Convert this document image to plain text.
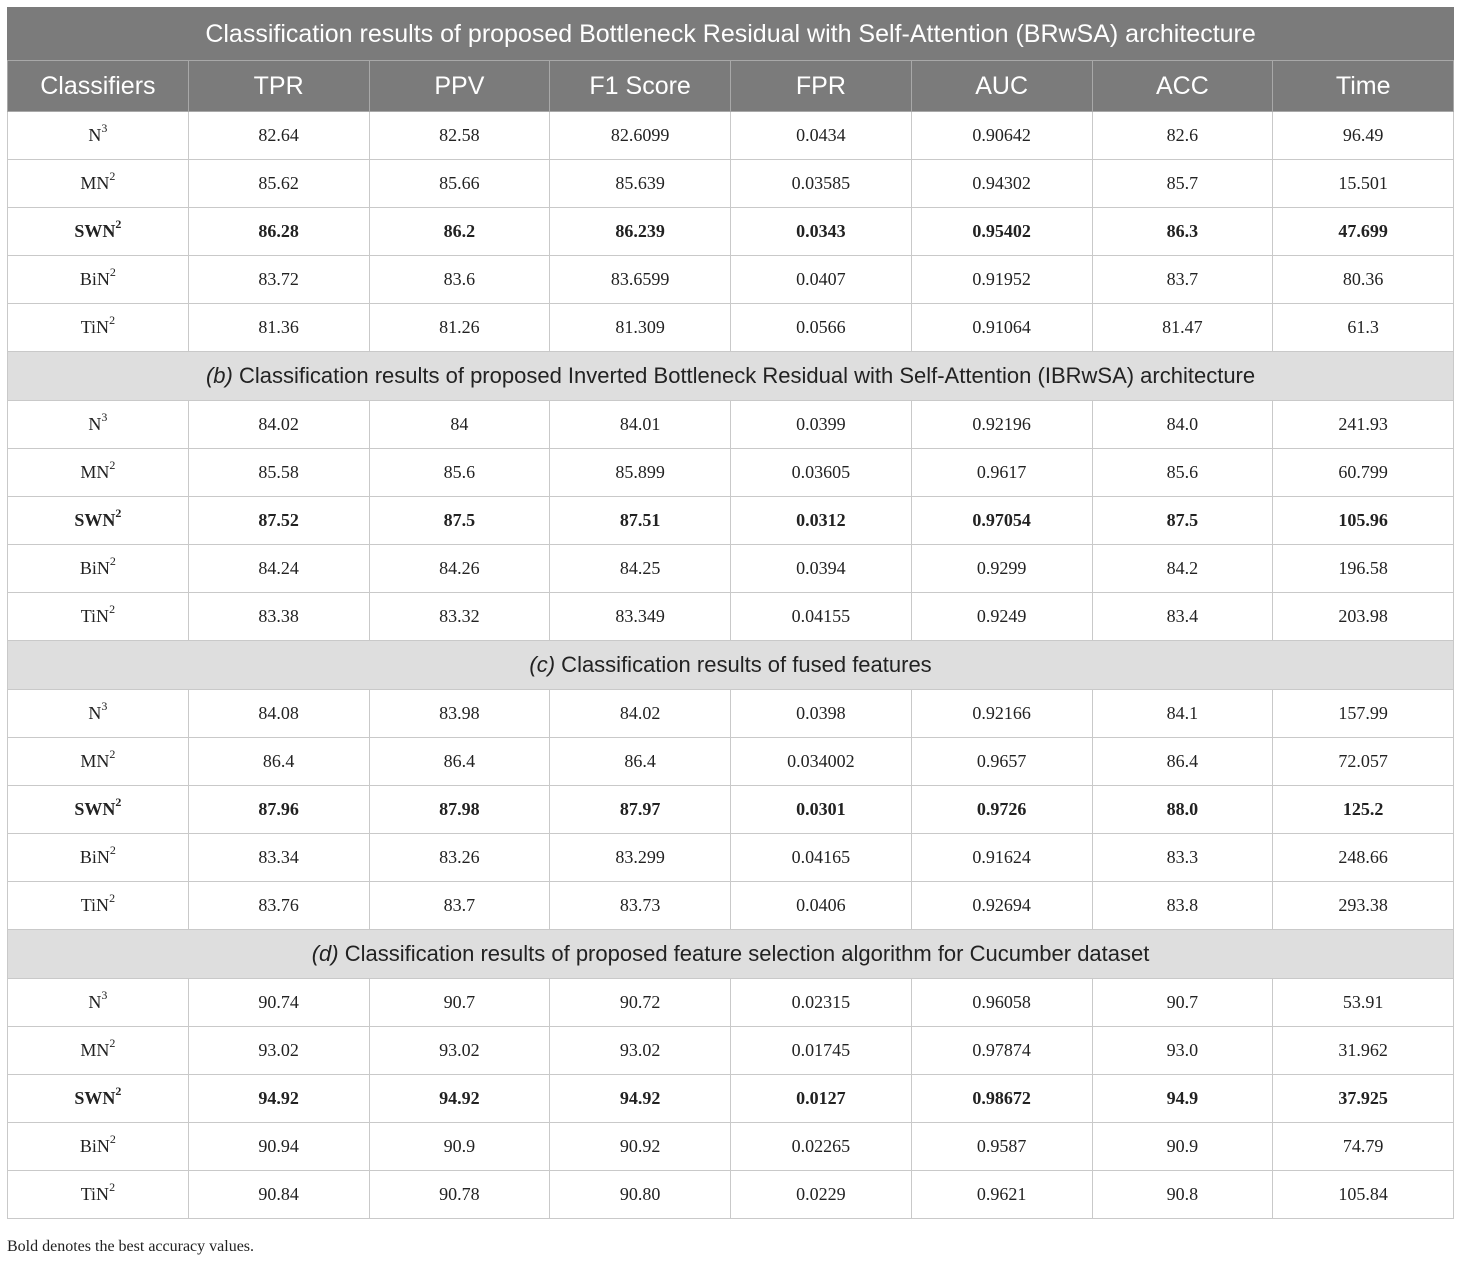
Classification results of proposed Bottleneck Residual with Self-Attention (BRwSA) architecture							
Classifiers	TPR	PPV	F1 Score	FPR	AUC	ACC	Time
$N^3$	82.64	82.58	82.6099	0.0434	0.90642	82.6	96.49
$MN^2$	85.62	85.66	85.639	0.03585	0.94302	85.7	15.501
SWN$^2$	86.28	86.2	86.239	0.0343	0.95402	86.3	47.699
BiN$^2$	83.72	83.6	83.6599	0.0407	0.91952	83.7	80.36
TiN$^2$	81.36	81.26	81.309	0.0566	0.91064	81.47	61.3
(b) Classification results of proposed Inverted Bottleneck Residual with Self-Attention (IBRwSA) architecture							
$N^3$	84.02	84	84.01	0.0399	0.92196	84.0	241.93
$MN^2$	85.58	85.6	85.899	0.03605	0.9617	85.6	60.799
SWN$^2$	87.52	87.5	87.51	0.0312	0.97054	87.5	105.96
BiN$^2$	84.24	84.26	84.25	0.0394	0.9299	84.2	196.58
TiN$^2$	83.38	83.32	83.349	0.04155	0.9249	83.4	203.98
(c) Classification results of fused features							
$N^3$	84.08	83.98	84.02	0.0398	0.92166	84.1	157.99
$MN^2$	86.4	86.4	86.4	0.034002	0.9657	86.4	72.057
SWN$^2$	87.96	87.98	87.97	0.0301	0.9726	88.0	125.2
BiN$^2$	83.34	83.26	83.299	0.04165	0.91624	83.3	248.66
TiN$^2$	83.76	83.7	83.73	0.0406	0.92694	83.8	293.38
(d) Classification results of proposed feature selection algorithm for Cucumber dataset							
$N^3$	90.74	90.7	90.72	0.02315	0.96058	90.7	53.91
$MN^2$	93.02	93.02	93.02	0.01745	0.97874	93.0	31.962
SWN$^2$	94.92	94.92	94.92	0.0127	0.98672	94.9	37.925
BiN$^2$	90.94	90.9	90.92	0.02265	0.9587	90.9	74.79
TiN$^2$	90.84	90.78	90.80	0.0229	0.9621	90.8	105.84
Bold denotes the best accuracy values.
